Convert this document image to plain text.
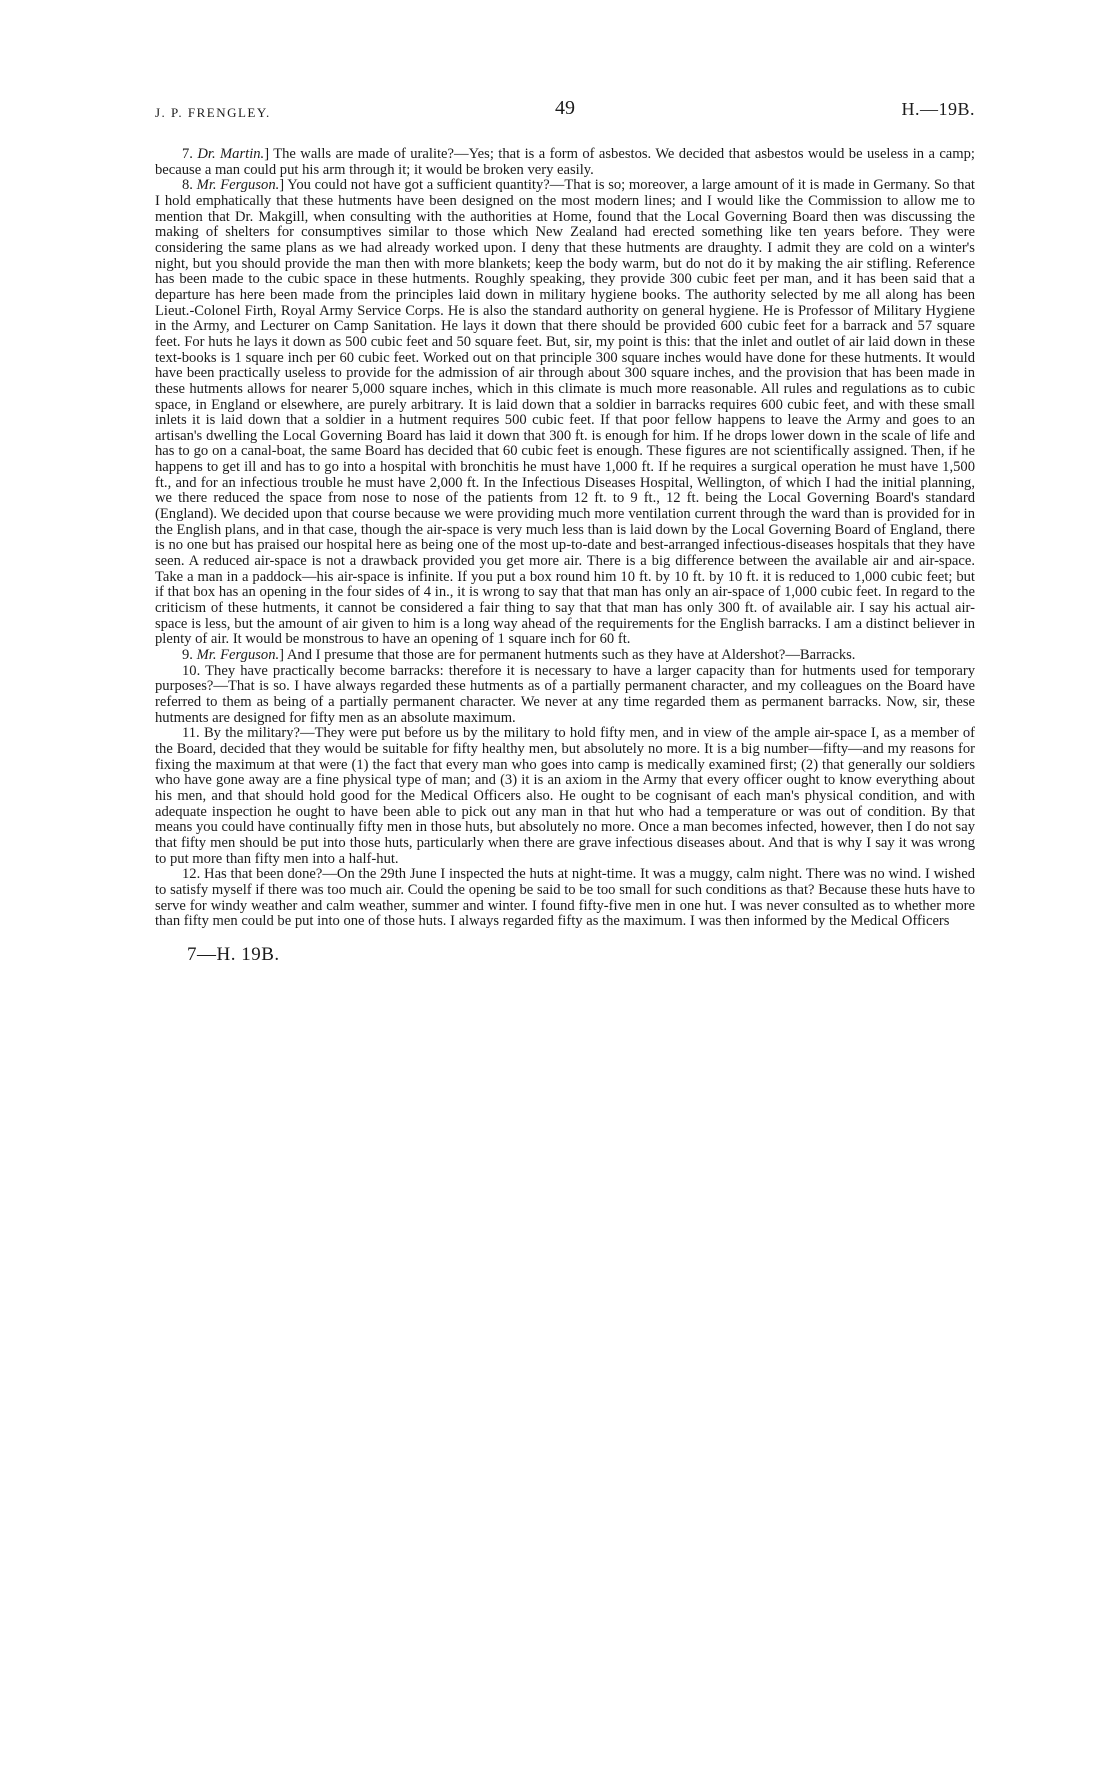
J. P. FRENGLEY.	49	H.—19B.

7. Dr. Martin.] The walls are made of uralite?—Yes; that is a form of asbestos. We decided that asbestos would be useless in a camp; because a man could put his arm through it; it would be broken very easily.

8. Mr. Ferguson.] You could not have got a sufficient quantity?—That is so; moreover, a large amount of it is made in Germany. So that I hold emphatically that these hutments have been designed on the most modern lines; and I would like the Commission to allow me to mention that Dr. Makgill, when consulting with the authorities at Home, found that the Local Governing Board then was discussing the making of shelters for consumptives similar to those which New Zealand had erected something like ten years before. They were considering the same plans as we had already worked upon. I deny that these hutments are draughty. I admit they are cold on a winter's night, but you should provide the man then with more blankets; keep the body warm, but do not do it by making the air stifling. Reference has been made to the cubic space in these hutments. Roughly speaking, they provide 300 cubic feet per man, and it has been said that a departure has here been made from the principles laid down in military hygiene books. The authority selected by me all along has been Lieut.-Colonel Firth, Royal Army Service Corps. He is also the standard authority on general hygiene. He is Professor of Military Hygiene in the Army, and Lecturer on Camp Sanitation. He lays it down that there should be provided 600 cubic feet for a barrack and 57 square feet. For huts he lays it down as 500 cubic feet and 50 square feet. But, sir, my point is this: that the inlet and outlet of air laid down in these text-books is 1 square inch per 60 cubic feet. Worked out on that principle 300 square inches would have done for these hutments. It would have been practically useless to provide for the admission of air through about 300 square inches, and the provision that has been made in these hutments allows for nearer 5,000 square inches, which in this climate is much more reasonable. All rules and regulations as to cubic space, in England or elsewhere, are purely arbitrary. It is laid down that a soldier in barracks requires 600 cubic feet, and with these small inlets it is laid down that a soldier in a hutment requires 500 cubic feet. If that poor fellow happens to leave the Army and goes to an artisan's dwelling the Local Governing Board has laid it down that 300 ft. is enough for him. If he drops lower down in the scale of life and has to go on a canal-boat, the same Board has decided that 60 cubic feet is enough. These figures are not scientifically assigned. Then, if he happens to get ill and has to go into a hospital with bronchitis he must have 1,000 ft. If he requires a surgical operation he must have 1,500 ft., and for an infectious trouble he must have 2,000 ft. In the Infectious Diseases Hospital, Wellington, of which I had the initial planning, we there reduced the space from nose to nose of the patients from 12 ft. to 9 ft., 12 ft. being the Local Governing Board's standard (England). We decided upon that course because we were providing much more ventilation current through the ward than is provided for in the English plans, and in that case, though the air-space is very much less than is laid down by the Local Governing Board of England, there is no one but has praised our hospital here as being one of the most up-to-date and best-arranged infectious-diseases hospitals that they have seen. A reduced air-space is not a drawback provided you get more air. There is a big difference between the available air and air-space. Take a man in a paddock—his air-space is infinite. If you put a box round him 10 ft. by 10 ft. by 10 ft. it is reduced to 1,000 cubic feet; but if that box has an opening in the four sides of 4 in., it is wrong to say that that man has only an air-space of 1,000 cubic feet. In regard to the criticism of these hutments, it cannot be considered a fair thing to say that that man has only 300 ft. of available air. I say his actual air-space is less, but the amount of air given to him is a long way ahead of the requirements for the English barracks. I am a distinct believer in plenty of air. It would be monstrous to have an opening of 1 square inch for 60 ft.

9. Mr. Ferguson.] And I presume that those are for permanent hutments such as they have at Aldershot?—Barracks.

10. They have practically become barracks: therefore it is necessary to have a larger capacity than for hutments used for temporary purposes?—That is so. I have always regarded these hutments as of a partially permanent character, and my colleagues on the Board have referred to them as being of a partially permanent character. We never at any time regarded them as permanent barracks. Now, sir, these hutments are designed for fifty men as an absolute maximum.

11. By the military?—They were put before us by the military to hold fifty men, and in view of the ample air-space I, as a member of the Board, decided that they would be suitable for fifty healthy men, but absolutely no more. It is a big number—fifty—and my reasons for fixing the maximum at that were (1) the fact that every man who goes into camp is medically examined first; (2) that generally our soldiers who have gone away are a fine physical type of man; and (3) it is an axiom in the Army that every officer ought to know everything about his men, and that should hold good for the Medical Officers also. He ought to be cognisant of each man's physical condition, and with adequate inspection he ought to have been able to pick out any man in that hut who had a temperature or was out of condition. By that means you could have continually fifty men in those huts, but absolutely no more. Once a man becomes infected, however, then I do not say that fifty men should be put into those huts, particularly when there are grave infectious diseases about. And that is why I say it was wrong to put more than fifty men into a half-hut.

12. Has that been done?—On the 29th June I inspected the huts at night-time. It was a muggy, calm night. There was no wind. I wished to satisfy myself if there was too much air. Could the opening be said to be too small for such conditions as that? Because these huts have to serve for windy weather and calm weather, summer and winter. I found fifty-five men in one hut. I was never consulted as to whether more than fifty men could be put into one of those huts. I always regarded fifty as the maximum. I was then informed by the Medical Officers

7—H. 19B.
